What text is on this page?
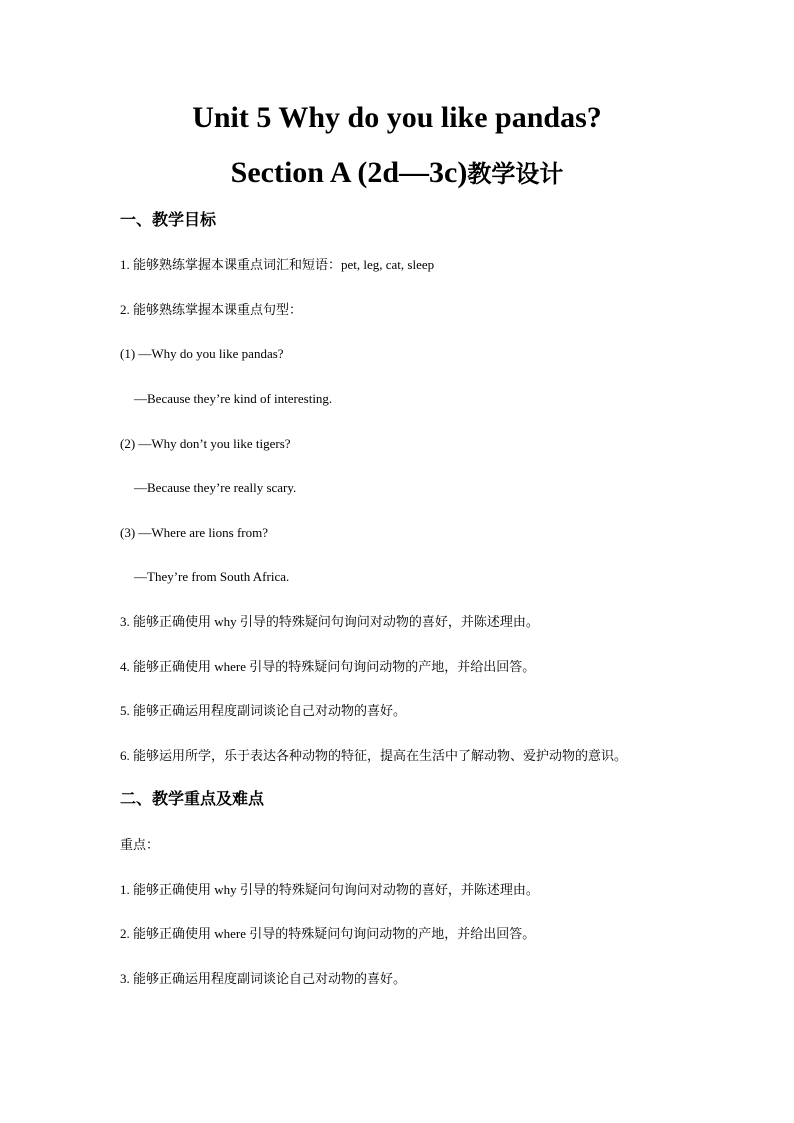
Unit 5 Why do you like pandas?
Section A (2d—3c)教学设计
一、教学目标
1. 能够熟练掌握本课重点词汇和短语：pet, leg, cat, sleep
2. 能够熟练掌握本课重点句型：
(1) —Why do you like pandas?
—Because they’re kind of interesting.
(2) —Why don’t you like tigers?
—Because they’re really scary.
(3) —Where are lions from?
—They’re from South Africa.
3. 能够正确使用 why 引导的特殊疑问句询问对动物的喜好，并陈述理由。
4. 能够正确使用 where 引导的特殊疑问句询问动物的产地，并给出回答。
5. 能够正确运用程度副词谈论自己对动物的喜好。
6. 能够运用所学，乐于表达各种动物的特征，提高在生活中了解动物、爱护动物的意识。
二、教学重点及难点
重点：
1. 能够正确使用 why 引导的特殊疑问句询问对动物的喜好，并陈述理由。
2. 能够正确使用 where 引导的特殊疑问句询问动物的产地，并给出回答。
3. 能够正确运用程度副词谈论自己对动物的喜好。
